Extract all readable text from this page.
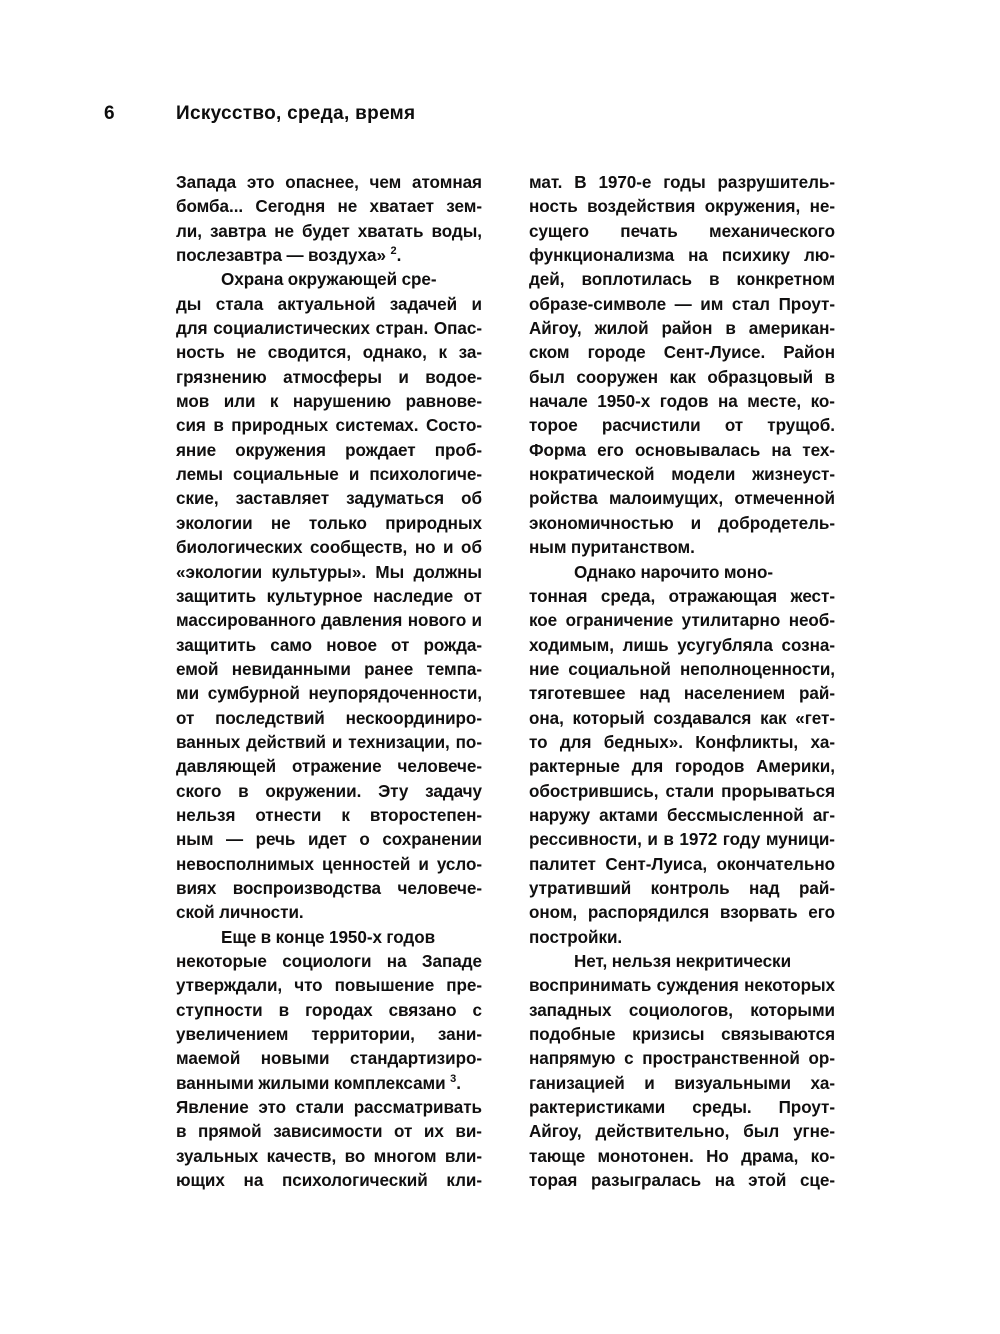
6	Искусство, среда, время

Запада это опаснее, чем атомная
бомба... Сегодня не хватает зем-
ли, завтра не будет хватать воды,
послезавтра — воздуха» $^2$.

Охрана окружающей сре-
ды стала актуальной задачей и
для социалистических стран. Опас-
ность не сводится, однако, к за-
грязнению атмосферы и водое-
мов или к нарушению равнове-
сия в природных системах. Состо-
яние окружения рождает проб-
лемы социальные и психологиче-
ские, заставляет задуматься об
экологии не только природных
биологических сообществ, но и об
«экологии культуры». Мы должны
защитить культурное наследие от
массированного давления нового и
защитить само новое от рожда-
емой невиданными ранее темпа-
ми сумбурной неупорядоченности,
от последствий нескоординиро-
ванных действий и технизации, по-
давляющей отражение человече-
ского в окружении. Эту задачу
нельзя отнести к второстепен-
ным — речь идет о сохранении
невосполнимых ценностей и усло-
виях воспроизводства человече-
ской личности.

Еще в конце 1950-х годов
некоторые социологи на Западе
утверждали, что повышение пре-
ступности в городах связано с
увеличением территории, зани-
маемой новыми стандартизиро-
ванными жилыми комплексами $^3$.
Явление это стали рассматривать
в прямой зависимости от их ви-
зуальных качеств, во многом вли-
ющих на психологический кли-

мат. В 1970-е годы разрушитель-
ность воздействия окружения, не-
сущего печать механического
функционализма на психику лю-
дей, воплотилась в конкретном
образе-символе — им стал Проут-
Айгоу, жилой район в американ-
ском городе Сент-Луисе. Район
был сооружен как образцовый в
начале 1950-х годов на месте, ко-
торое расчистили от трущоб.
Форма его основывалась на тех-
нократической модели жизнеуст-
ройства малоимущих, отмеченной
экономичностью и добродетель-
ным пуританством.

Однако нарочито моно-
тонная среда, отражающая жест-
кое ограничение утилитарно необ-
ходимым, лишь усугубляла созна-
ние социальной неполноценности,
тяготевшее над населением рай-
она, который создавался как «гет-
то для бедных». Конфликты, ха-
рактерные для городов Америки,
обострившись, стали прорываться
наружу актами бессмысленной аг-
рессивности, и в 1972 году муници-
палитет Сент-Луиса, окончательно
утративший контроль над рай-
оном, распорядился взорвать его
постройки.

Нет, нельзя некритически
воспринимать суждения некоторых
западных социологов, которыми
подобные кризисы связываются
напрямую с пространственной ор-
ганизацией и визуальными ха-
рактеристиками среды. Проут-
Айгоу, действительно, был угне-
тающе монотонен. Но драма, ко-
торая разыгралась на этой сце-
